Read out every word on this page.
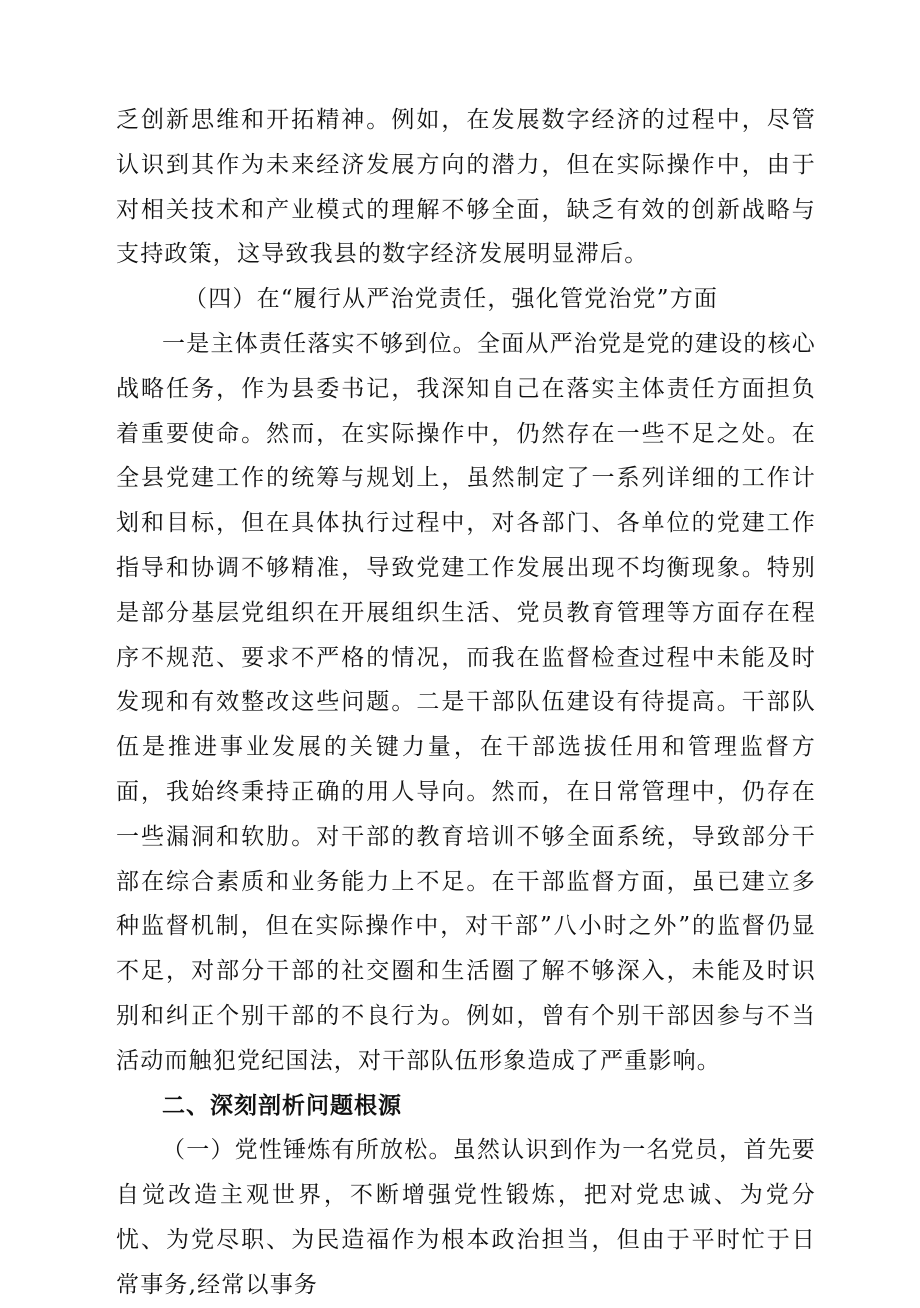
乏创新思维和开拓精神。例如，在发展数字经济的过程中，尽管认识到其作为未来经济发展方向的潜力，但在实际操作中，由于对相关技术和产业模式的理解不够全面，缺乏有效的创新战略与支持政策，这导致我县的数字经济发展明显滞后。

（四）在“履行从严治党责任，强化管党治党”方面

一是主体责任落实不够到位。全面从严治党是党的建设的核心战略任务，作为县委书记，我深知自己在落实主体责任方面担负着重要使命。然而，在实际操作中，仍然存在一些不足之处。在全县党建工作的统筹与规划上，虽然制定了一系列详细的工作计划和目标，但在具体执行过程中，对各部门、各单位的党建工作指导和协调不够精准，导致党建工作发展出现不均衡现象。特别是部分基层党组织在开展组织生活、党员教育管理等方面存在程序不规范、要求不严格的情况，而我在监督检查过程中未能及时发现和有效整改这些问题。二是干部队伍建设有待提高。干部队伍是推进事业发展的关键力量，在干部选拔任用和管理监督方面，我始终秉持正确的用人导向。然而，在日常管理中，仍存在一些漏洞和软肋。对干部的教育培训不够全面系统，导致部分干部在综合素质和业务能力上不足。在干部监督方面，虽已建立多种监督机制，但在实际操作中，对干部”八小时之外”的监督仍显不足，对部分干部的社交圈和生活圈了解不够深入，未能及时识别和纠正个别干部的不良行为。例如，曾有个别干部因参与不当活动而触犯党纪国法，对干部队伍形象造成了严重影响。

二、深刻剖析问题根源

（一）党性锤炼有所放松。虽然认识到作为一名党员，首先要自觉改造主观世界，不断增强党性锻炼，把对党忠诚、为党分忧、为党尽职、为民造福作为根本政治担当，但由于平时忙于日常事务,经常以事务
